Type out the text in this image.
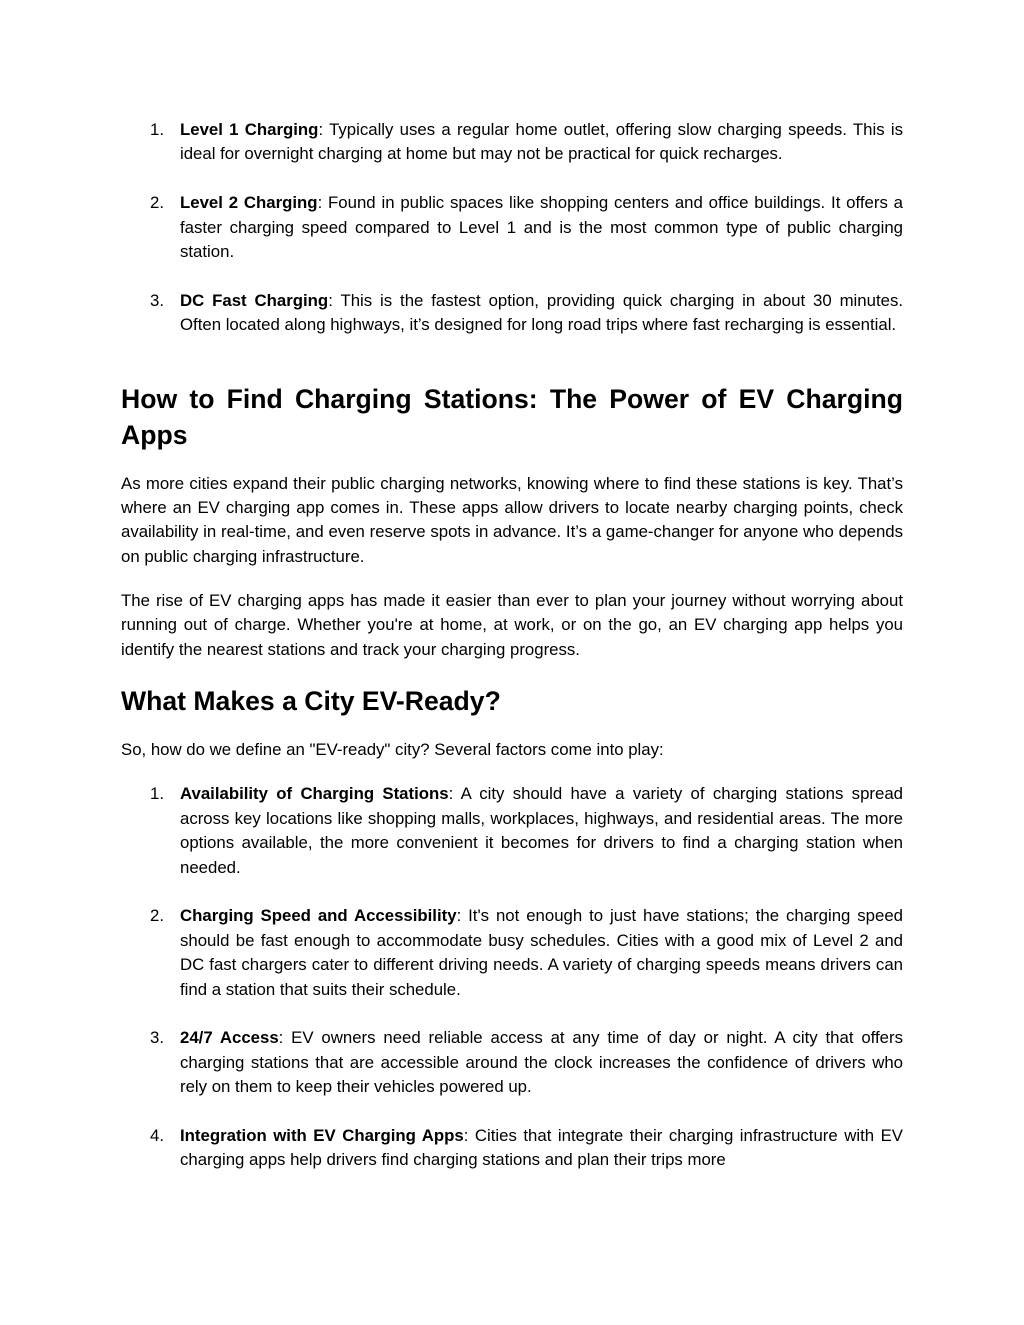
1. Level 1 Charging: Typically uses a regular home outlet, offering slow charging speeds. This is ideal for overnight charging at home but may not be practical for quick recharges.
2. Level 2 Charging: Found in public spaces like shopping centers and office buildings. It offers a faster charging speed compared to Level 1 and is the most common type of public charging station.
3. DC Fast Charging: This is the fastest option, providing quick charging in about 30 minutes. Often located along highways, it’s designed for long road trips where fast recharging is essential.
How to Find Charging Stations: The Power of EV Charging Apps

As more cities expand their public charging networks, knowing where to find these stations is key. That’s where an EV charging app comes in. These apps allow drivers to locate nearby charging points, check availability in real-time, and even reserve spots in advance. It’s a game-changer for anyone who depends on public charging infrastructure.

The rise of EV charging apps has made it easier than ever to plan your journey without worrying about running out of charge. Whether you're at home, at work, or on the go, an EV charging app helps you identify the nearest stations and track your charging progress.

What Makes a City EV-Ready?

So, how do we define an "EV-ready" city? Several factors come into play:

1. Availability of Charging Stations: A city should have a variety of charging stations spread across key locations like shopping malls, workplaces, highways, and residential areas. The more options available, the more convenient it becomes for drivers to find a charging station when needed.
2. Charging Speed and Accessibility: It's not enough to just have stations; the charging speed should be fast enough to accommodate busy schedules. Cities with a good mix of Level 2 and DC fast chargers cater to different driving needs. A variety of charging speeds means drivers can find a station that suits their schedule.
3. 24/7 Access: EV owners need reliable access at any time of day or night. A city that offers charging stations that are accessible around the clock increases the confidence of drivers who rely on them to keep their vehicles powered up.
4. Integration with EV Charging Apps: Cities that integrate their charging infrastructure with EV charging apps help drivers find charging stations and plan their trips more
